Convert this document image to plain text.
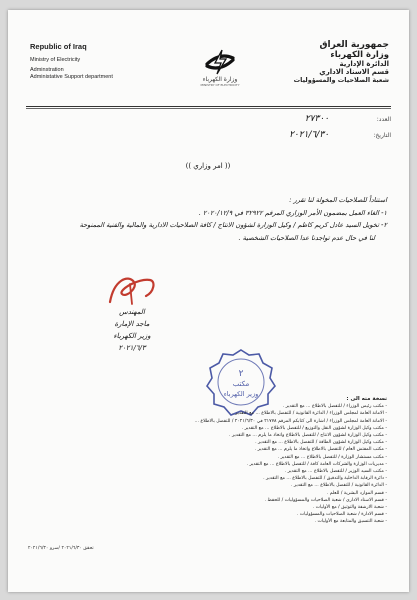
Republic of Iraq
Ministry of Electricity
Adminstration
Administative Support department	وزارة الكهرباء
MINISTRY OF ELECTRICITY
جمهورية العراق
وزارة الكهرباء
الدائرة الإدارية
قسم الاسناد الاداري
شعبة الصلاحيات والمسؤوليات
العدد:
٢٧٣٠٠
التاريخ:
٢٠٢١/٦/٣٠
(( امر وزاري ))
استناداً للصلاحيات المخولة لنا تقرر :
١- الغاء العمل بمضمون الأمر الوزاري المرقم ٣٢٩٢٢ في ٢٠٢٠/١٢/٩ .
٢- تخويل السيد عادل كريم كاظم / وكيل الوزارة لشؤون الانتاج / كافة الصلاحيات الادارية والمالية والفنية الممنوحة
لنا في حال عدم تواجدنا عدا الصلاحيات الشخصية .
المهندس
ماجد الإمارة
وزير الكهرباء
٢٠٢١/٦/٣
٢
مكتب
وزير الكهرباء
نسخة منه الى :
- مكتب رئيس الوزراء / للتفضل بالاطلاع ... مع التقدير .
- الامانة العامة لمجلس الوزراء / الدائرة القانونية / للتفضل بالاطلاع ... مع التقدير .
- الامانة العامة لمجلس الوزراء / اشارة الى كتابكم المرقم ٢١٧٧٨ في ٢٠٢١/٦/٣٠ / للتفضل بالاطلاع ...
- مكتب وكيل الوزارة لشؤون النقل والتوزيع / للتفضل بالاطلاع ... مع التقدير .
- مكتب وكيل الوزارة لشؤون الانتاج / للتفضل بالاطلاع واتخاذ ما يلزم ... مع التقدير .
- مكتب وكيل الوزارة لشؤون الطاقة / للتفضل بالاطلاع ... مع التقدير .
- مكتب المفتش العام / للتفضل بالاطلاع واتخاذ ما يلزم ... مع التقدير .
- مكتب مستشار الوزارة / للتفضل بالاطلاع ... مع التقدير .
- مديريات الوزارة والشركات العامة كافة / للتفضل بالاطلاع ... مع التقدير .
- مكتب السيد الوزير / للتفضل بالاطلاع ... مع التقدير .
- دائرة الرقابة الداخلية والتدقيق / للتفضل بالاطلاع ... مع التقدير .
- الدائرة القانونية / للتفضل بالاطلاع ... مع التقدير .
- قسم الموارد البشرية / للعلم .
- قسم الاسناد الاداري / شعبة الصلاحيات والمسؤوليات / للحفظ .
- شعبة الارشفة والتوثيق / مع الأوليات .
- قسم الادارة / شعبة الصلاحيات والمسؤوليات .
- شعبة التنسيق والمتابعة مع الأوليات .
تحقق ٢٠٢١/٦/٣٠ /سرو ٢٠٢١/٦/٣٠
